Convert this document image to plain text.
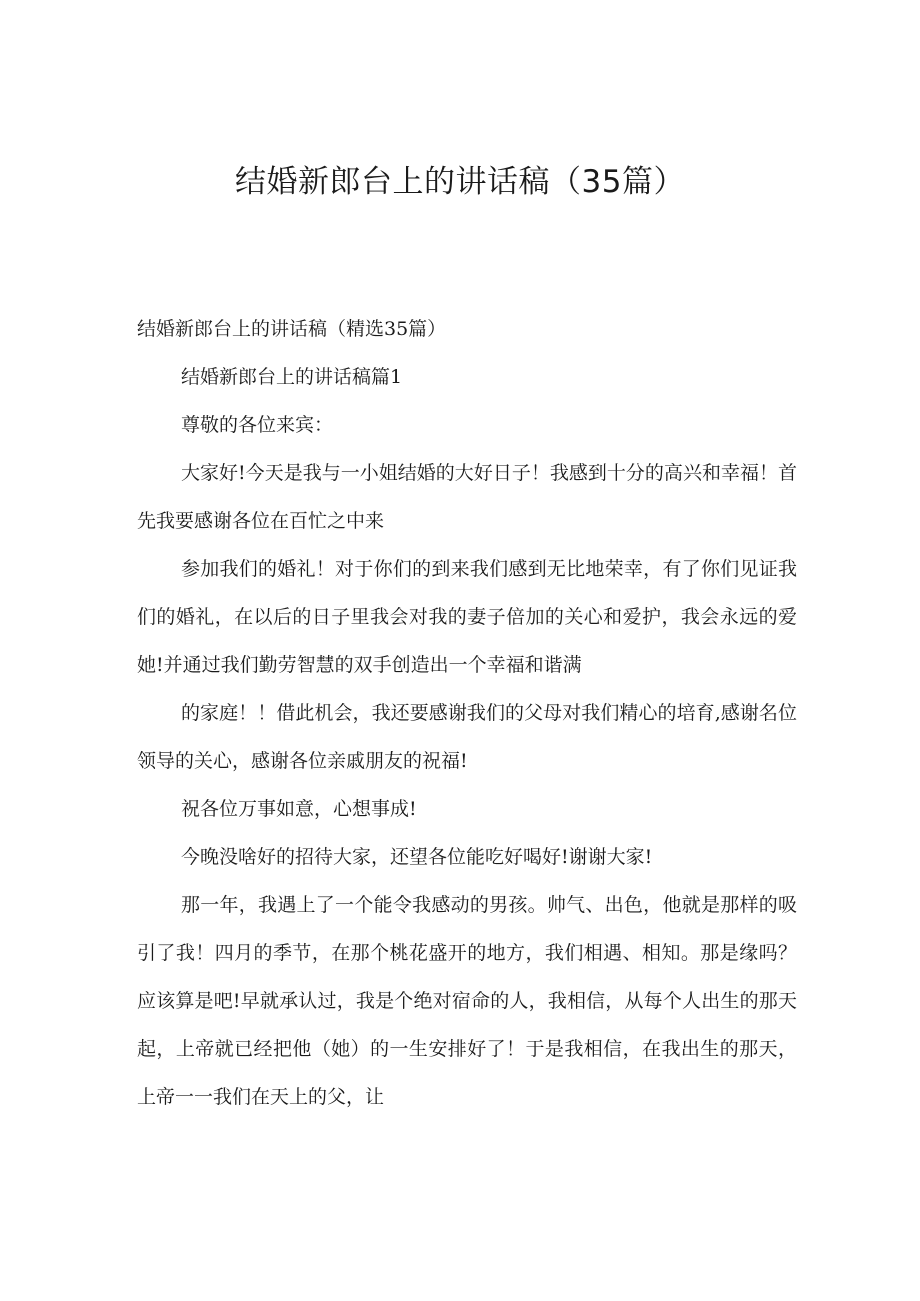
结婚新郎台上的讲话稿（35篇）

结婚新郎台上的讲话稿（精选35篇）

结婚新郎台上的讲话稿篇1

尊敬的各位来宾：

大家好!今天是我与一小姐结婚的大好日子！我感到十分的高兴和幸福！首先我要感谢各位在百忙之中来

参加我们的婚礼！对于你们的到来我们感到无比地荣幸，有了你们见证我们的婚礼，在以后的日子里我会对我的妻子倍加的关心和爱护，我会永远的爱她!并通过我们勤劳智慧的双手创造出一个幸福和谐满

的家庭！！借此机会，我还要感谢我们的父母对我们精心的培育,感谢名位领导的关心，感谢各位亲戚朋友的祝福!

祝各位万事如意，心想事成!

今晚没啥好的招待大家，还望各位能吃好喝好!谢谢大家!

那一年，我遇上了一个能令我感动的男孩。帅气、出色，他就是那样的吸引了我！四月的季节，在那个桃花盛开的地方，我们相遇、相知。那是缘吗？应该算是吧!早就承认过，我是个绝对宿命的人，我相信，从每个人出生的那天起，上帝就已经把他（她）的一生安排好了！于是我相信，在我出生的那天，上帝一一我们在天上的父，让
